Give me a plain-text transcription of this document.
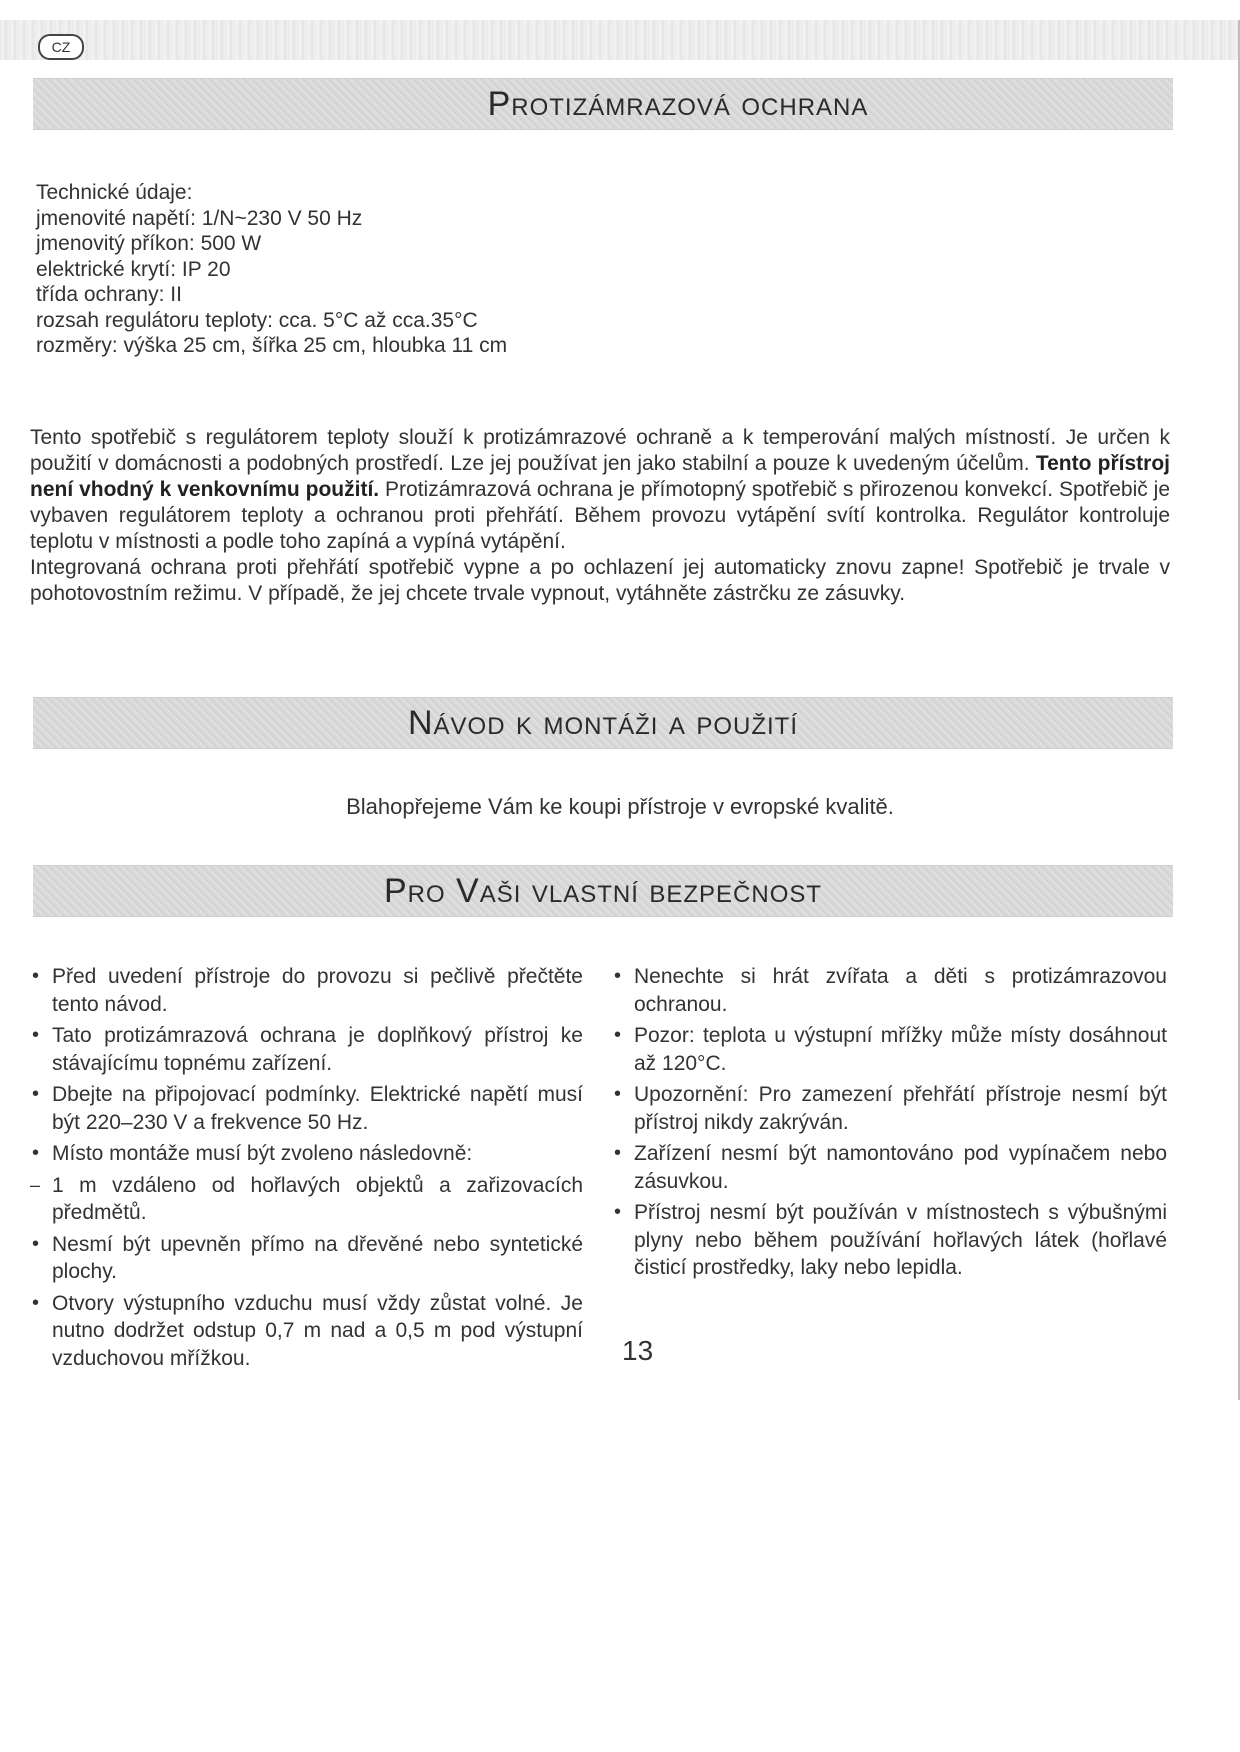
CZ
Protizámrazová ochrana
Technické údaje:
jmenovité napětí: 1/N~230 V 50 Hz
jmenovitý příkon: 500 W
elektrické krytí: IP 20
třída ochrany: II
rozsah regulátoru teploty: cca. 5°C až cca.35°C
rozměry: výška 25 cm, šířka 25 cm, hloubka 11 cm
Tento spotřebič s regulátorem teploty slouží k protizámrazové ochraně a k temperování malých místností. Je určen k použití v domácnosti a podobných prostředí. Lze jej používat jen jako stabilní a pouze k uvedeným účelům. Tento přístroj není vhodný k venkovnímu použití. Protizámrazová ochrana je přímotopný spotřebič s přirozenou konvekcí. Spotřebič je vybaven regulátorem teploty a ochranou proti přehřátí. Během provozu vytápění svítí kontrolka. Regulátor kontroluje teplotu v místnosti a podle toho zapíná a vypíná vytápění.
Integrovaná ochrana proti přehřátí spotřebič vypne a po ochlazení jej automaticky znovu zapne! Spotřebič je trvale v pohotovostním režimu. V případě, že jej chcete trvale vypnout, vytáhněte zástrčku ze zásuvky.
Návod k montáži a použití
Blahopřejeme Vám ke koupi přístroje v evropské kvalitě.
Pro Vaši vlastní bezpečnost
• Před uvedení přístroje do provozu si pečlivě přečtěte tento návod.
• Tato protizámrazová ochrana je doplňkový přístroj ke stávajícímu topnému zařízení.
• Dbejte na připojovací podmínky. Elektrické napětí musí být 220–230 V a frekvence 50 Hz.
• Místo montáže musí být zvoleno následovně:
– 1 m vzdáleno od hořlavých objektů a zařizovacích předmětů.
• Nesmí být upevněn přímo na dřevěné nebo syntetické plochy.
• Otvory výstupního vzduchu musí vždy zůstat volné. Je nutno dodržet odstup 0,7 m nad a 0,5 m pod výstupní vzduchovou mřížkou.
• Nenechte si hrát zvířata a děti s protizámrazovou ochranou.
• Pozor: teplota u výstupní mřížky může místy dosáhnout až 120°C.
• Upozornění: Pro zamezení přehřátí přístroje nesmí být přístroj nikdy zakrýván.
• Zařízení nesmí být namontováno pod vypínačem nebo zásuvkou.
• Přístroj nesmí být používán v místnostech s výbušnými plyny nebo během používání hořlavých látek (hořlavé čisticí prostředky, laky nebo lepidla.
13
